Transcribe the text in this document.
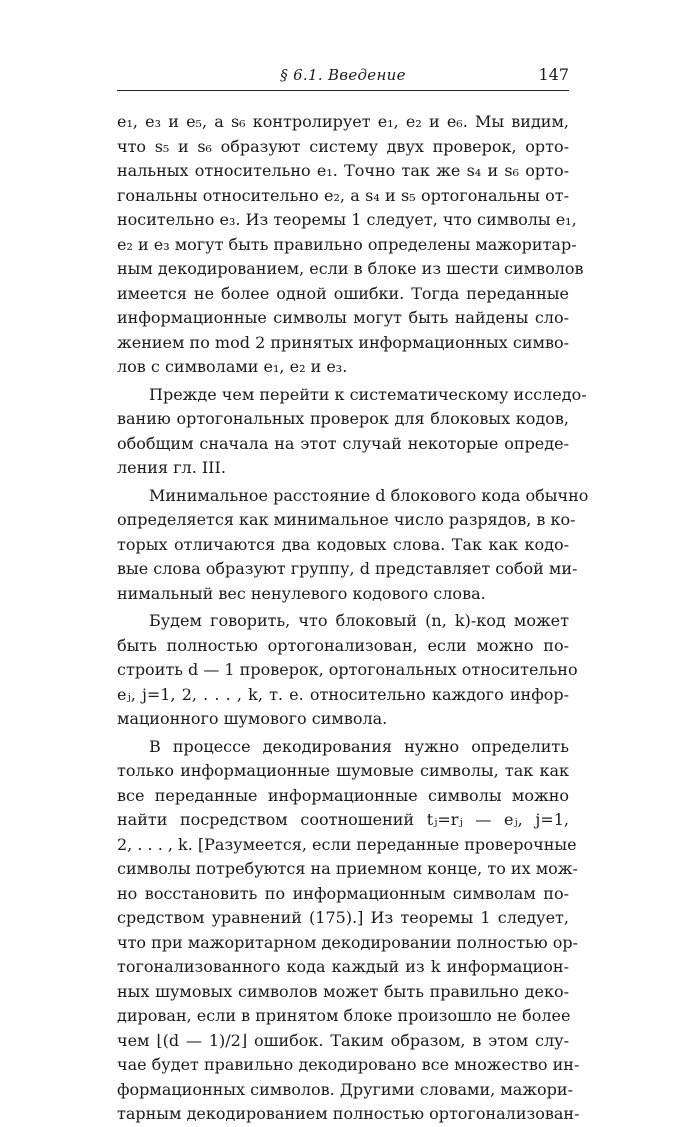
§ 6.1. Введение	147
e₁, e₃ и e₅, а s₆ контролирует e₁, e₂ и e₆. Мы видим,
что s₅ и s₆ образуют систему двух проверок, орто-
нальных относительно e₁. Точно так же s₄ и s₆ орто-
гональны относительно e₂, а s₄ и s₅ ортогональны от-
носительно e₃. Из теоремы 1 следует, что символы e₁,
e₂ и e₃ могут быть правильно определены мажоритар-
ным декодированием, если в блоке из шести символов
имеется не более одной ошибки. Тогда переданные
информационные символы могут быть найдены сло-
жением по mod 2 принятых информационных симво-
лов с символами e₁, e₂ и e₃.
Прежде чем перейти к систематическому исследо-
ванию ортогональных проверок для блоковых кодов,
обобщим сначала на этот случай некоторые опреде-
ления гл. III.
Минимальное расстояние d блокового кода обычно
определяется как минимальное число разрядов, в ко-
торых отличаются два кодовых слова. Так как кодо-
вые слова образуют группу, d представляет собой ми-
нимальный вес ненулевого кодового слова.
Будем говорить, что блоковый (n, k)-код может
быть полностью ортогонализован, если можно по-
строить d — 1 проверок, ортогональных относительно
eⱼ, j=1, 2, . . . , k, т. е. относительно каждого инфор-
мационного шумового символа.
В процессе декодирования нужно определить
только информационные шумовые символы, так как
все переданные информационные символы можно
найти посредством соотношений tⱼ=rⱼ — eⱼ, j=1,
2, . . . , k. [Разумеется, если переданные проверочные
символы потребуются на приемном конце, то их мож-
но восстановить по информационным символам по-
средством уравнений (175).] Из теоремы 1 следует,
что при мажоритарном декодировании полностью ор-
тогонализованного кода каждый из k информацион-
ных шумовых символов может быть правильно деко-
дирован, если в принятом блоке произошло не более
чем ⌊(d — 1)/2⌋ ошибок. Таким образом, в этом слу-
чае будет правильно декодировано все множество ин-
формационных символов. Другими словами, мажори-
тарным декодированием полностью ортогонализован-
